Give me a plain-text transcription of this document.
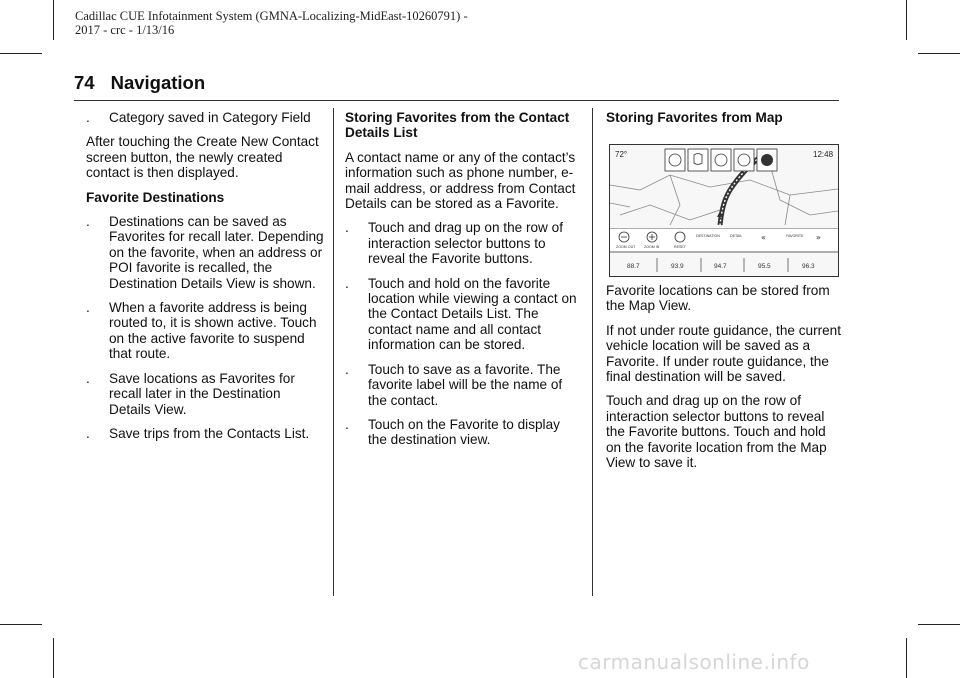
Cadillac CUE Infotainment System (GMNA-Localizing-MidEast-10260791) -
2017 - crc - 1/13/16
74 Navigation
. Category saved in Category Field

After touching the Create New Contact screen button, the newly created contact is then displayed.

Favorite Destinations
. Destinations can be saved as Favorites for recall later. Depending on the favorite, when an address or POI favorite is recalled, the Destination Details View is shown.
. When a favorite address is being routed to, it is shown active. Touch on the active favorite to suspend that route.
. Save locations as Favorites for recall later in the Destination Details View.
. Save trips from the Contacts List.
Storing Favorites from the Contact Details List

A contact name or any of the contact’s information such as phone number, e-mail address, or address from Contact Details can be stored as a Favorite.

. Touch and drag up on the row of interaction selector buttons to reveal the Favorite buttons.
. Touch and hold on the favorite location while viewing a contact on the Contact Details List. The contact name and all contact information can be stored.
. Touch to save as a favorite. The favorite label will be the name of the contact.
. Touch on the Favorite to display the destination view.
Storing Favorites from Map

Favorite locations can be stored from the Map View.

If not under route guidance, the current vehicle location will be saved as a Favorite. If under route guidance, the final destination will be saved.

Touch and drag up on the row of interaction selector buttons to reveal the Favorite buttons. Touch and hold on the favorite location from the Map View to save it.

72°	12:48
«	»
ZOOM OUT ZOOM IN	RESET
DESTINATION	DETAIL	FAVORITE
88.7	93.9	94.7	95.5	96.3
carmanualsonline.info
